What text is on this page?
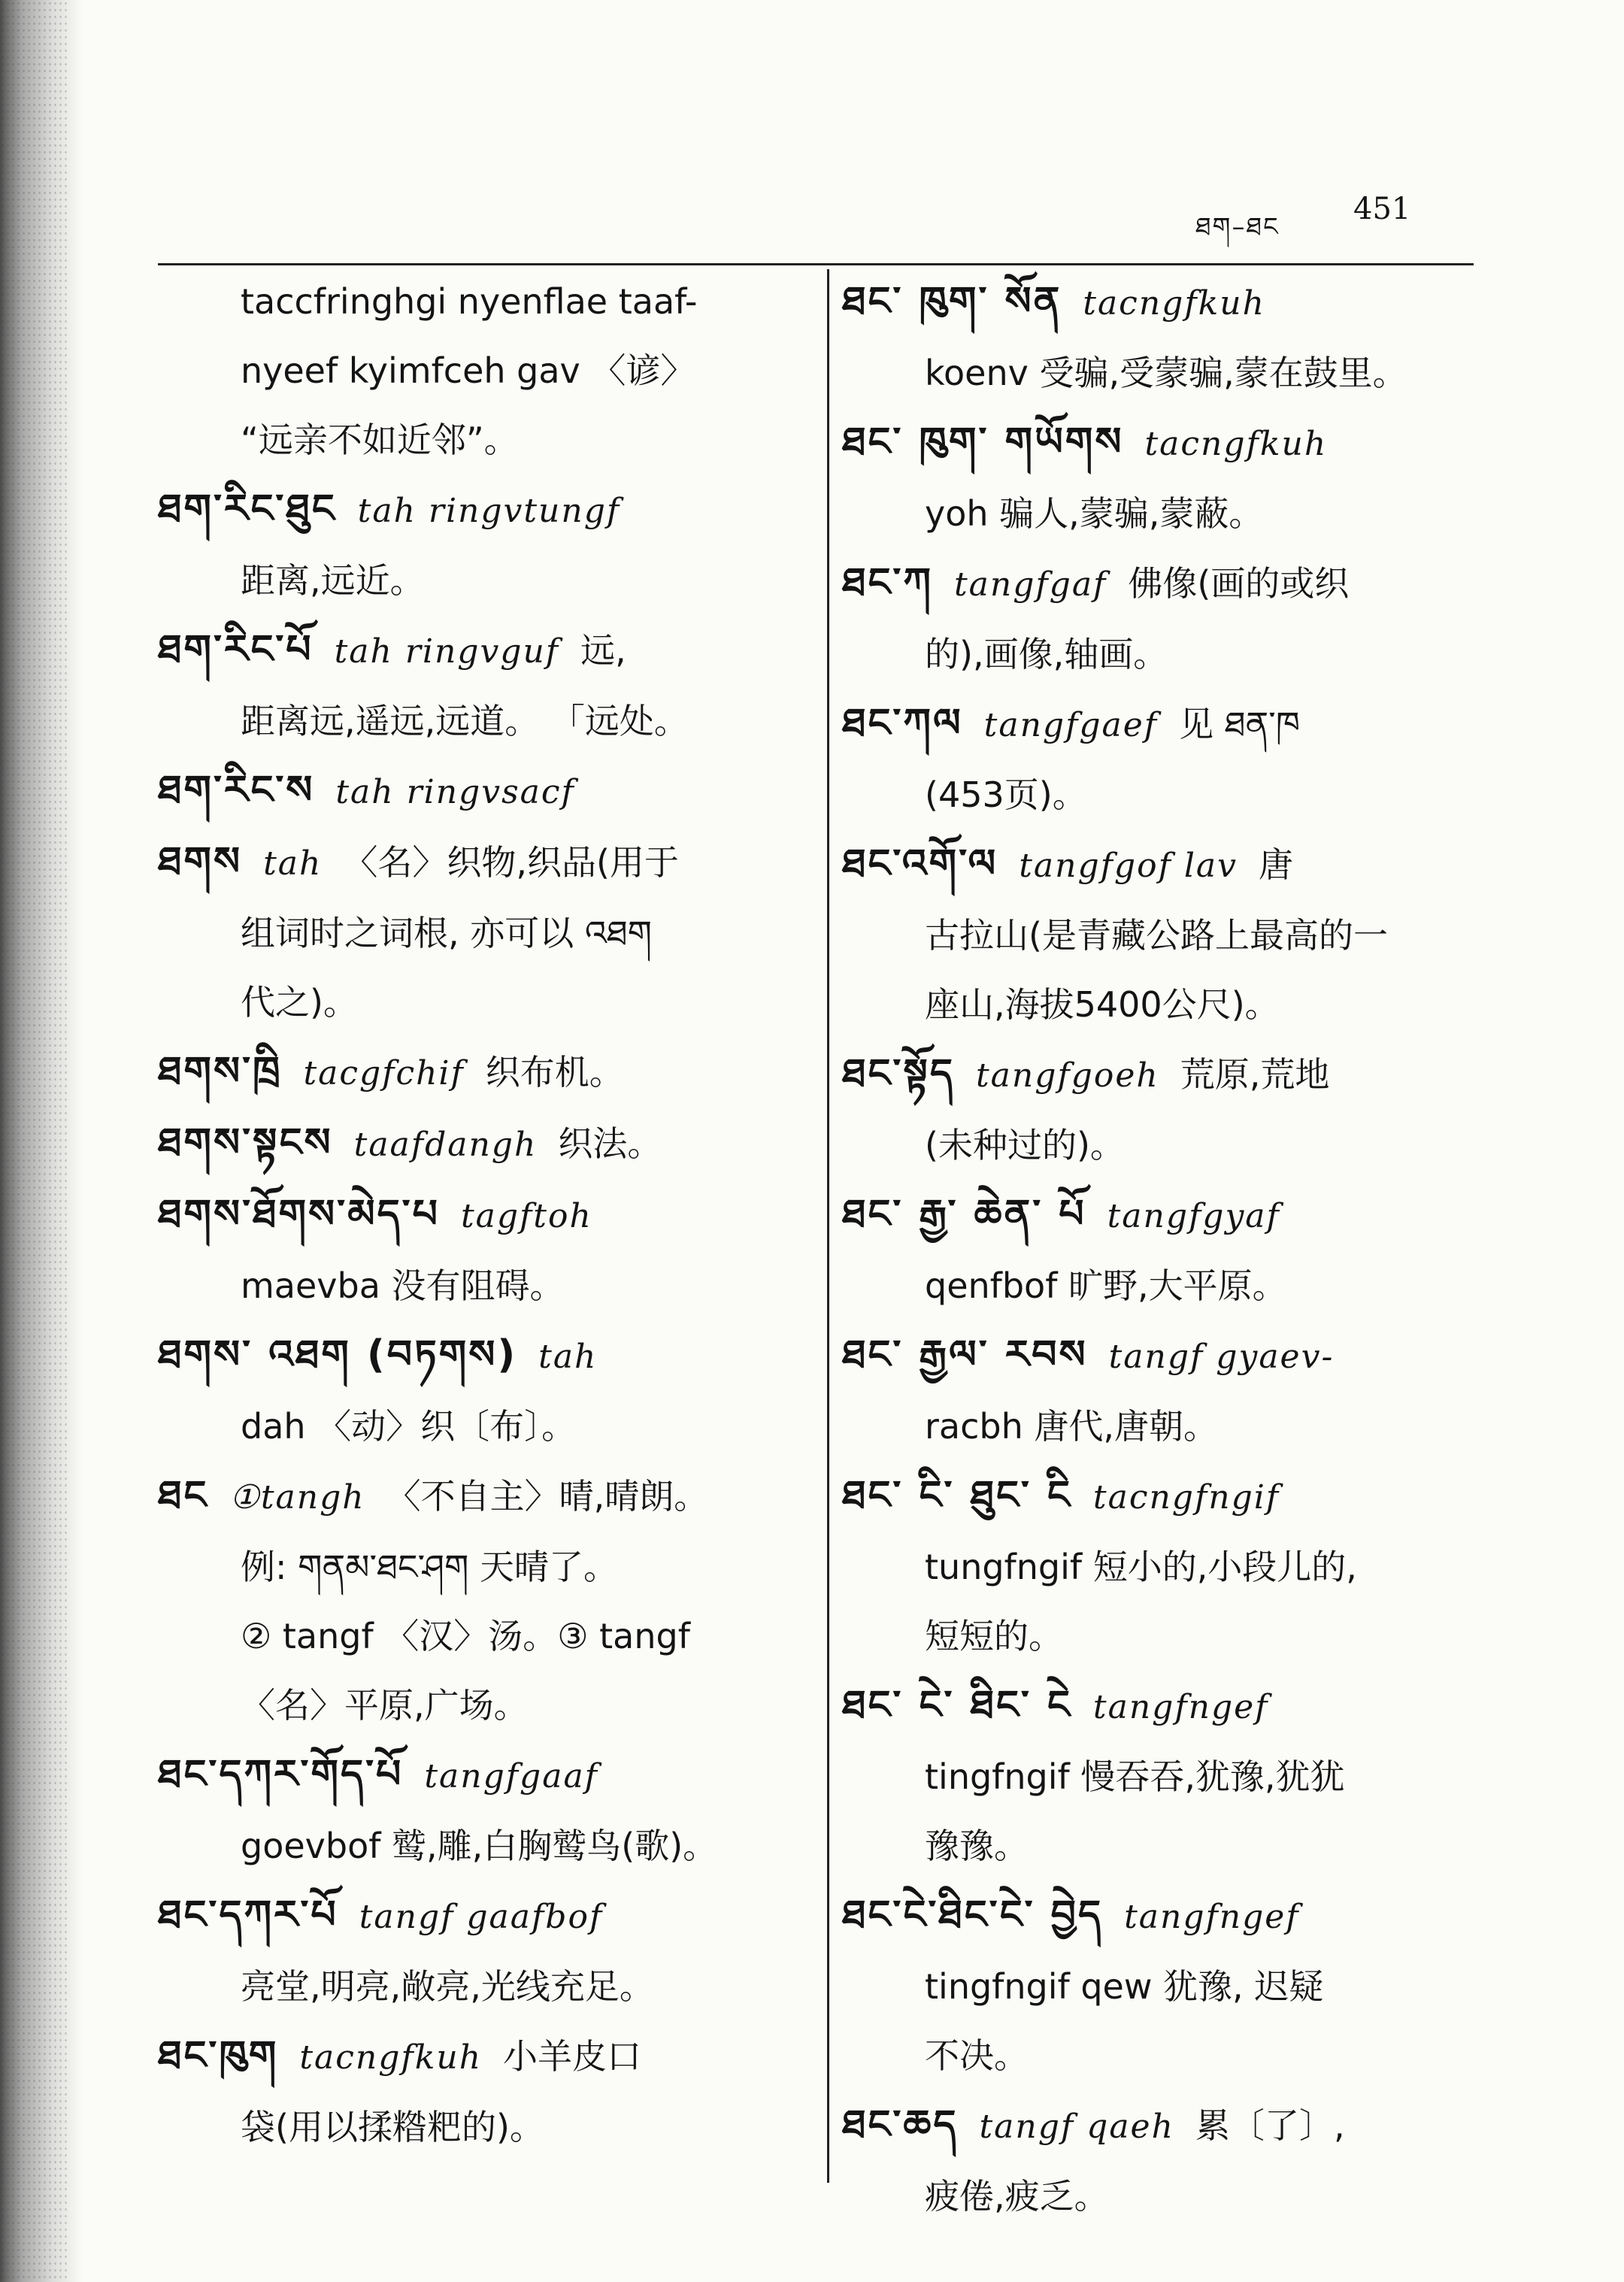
ཐག–ཐང
451
taccfringhgi nyenflae taaf-
nyeef kyimfceh gav 〈谚〉
“远亲不如近邻”。
ཐག་རིང་ཐུང tah ringvtungf
距离,远近。
ཐག་རིང་པོ tah ringvguf 远,
距离远,遥远,远道。 「远处。
ཐག་རིང་ས tah ringvsacf
ཐགས tah 〈名〉织物,织品(用于
组词时之词根, 亦可以 འཐག
代之)。
ཐགས་ཁྲི tacgfchif 织布机。
ཐགས་སྟངས taafdangh 织法。
ཐགས་ཐོགས་མེད་པ tagftoh
maevba 没有阻碍。
ཐགས་ འཐག (བཏགས) tah
dah 〈动〉织〔布〕。
ཐང ①tangh 〈不自主〉晴,晴朗。
例: གནམ་ཐང་ཤག 天晴了。
② tangf 〈汉〉汤。③ tangf
〈名〉平原,广场。
ཐང་དཀར་གོད་པོ tangfgaaf
goevbof 鹫,雕,白胸鹫鸟(歌)。
ཐང་དཀར་པོ tangf gaafbof
亮堂,明亮,敞亮,光线充足。
ཐང་ཁུག tacngfkuh 小羊皮口
袋(用以揉糌粑的)。
ཐང་ ཁུག་ སོན tacngfkuh
koenv 受骗,受蒙骗,蒙在鼓里。
ཐང་ ཁུག་ གཡོགས tacngfkuh
yoh 骗人,蒙骗,蒙蔽。
ཐང་ཀ tangfgaf 佛像(画的或织
的),画像,轴画。
ཐང་ཀལ tangfgaef 见 ཐན་ཁ
(453页)。
ཐང་འགོ་ལ tangfgof lav 唐
古拉山(是青藏公路上最高的一
座山,海拔5400公尺)。
ཐང་སྟོད tangfgoeh 荒原,荒地
(未种过的)。
ཐང་ རྒྱ་ ཆེན་ པོ tangfgyaf
qenfbof 旷野,大平原。
ཐང་ རྒྱལ་ རབས tangf gyaev-
racbh 唐代,唐朝。
ཐང་ ངི་ ཐུང་ ངི tacngfngif
tungfngif 短小的,小段儿的,
短短的。
ཐང་ ངེ་ ཐིང་ ངེ tangfngef
tingfngif 慢吞吞,犹豫,犹犹
豫豫。
ཐང་ངེ་ཐིང་ངེ་ བྱེད tangfngef
tingfngif qew 犹豫, 迟疑
不决。
ཐང་ཆད tangf qaeh 累〔了〕,
疲倦,疲乏。
